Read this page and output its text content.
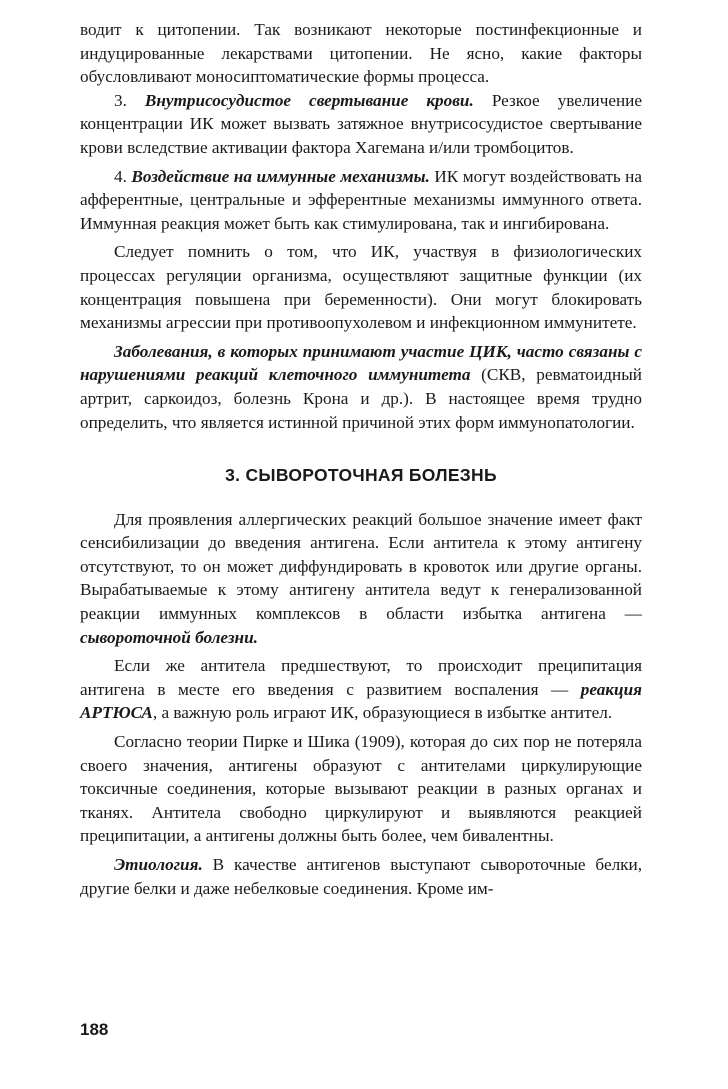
водит к цитопении. Так возникают некоторые постинфекционные и индуцированные лекарствами цитопении. Не ясно, какие факторы обусловливают моносиптоматические формы процесса.

3. Внутрисосудистое свертывание крови. Резкое увеличение концентрации ИК может вызвать затяжное внутрисосудистое свертывание крови вследствие активации фактора Хагемана и/или тромбоцитов.

4. Воздействие на иммунные механизмы. ИК могут воздействовать на афферентные, центральные и эфферентные механизмы иммунного ответа. Иммунная реакция может быть как стимулирована, так и ингибирована.

Следует помнить о том, что ИК, участвуя в физиологических процессах регуляции организма, осуществляют защитные функции (их концентрация повышена при беременности). Они могут блокировать механизмы агрессии при противоопухолевом и инфекционном иммунитете.

Заболевания, в которых принимают участие ЦИК, часто связаны с нарушениями реакций клеточного иммунитета (СКВ, ревматоидный артрит, саркоидоз, болезнь Крона и др.). В настоящее время трудно определить, что является истинной причиной этих форм иммунопатологии.

3. СЫВОРОТОЧНАЯ БОЛЕЗНЬ

Для проявления аллергических реакций большое значение имеет факт сенсибилизации до введения антигена. Если антитела к этому антигену отсутствуют, то он может диффундировать в кровоток или другие органы. Вырабатываемые к этому антигену антитела ведут к генерализованной реакции иммунных комплексов в области избытка антигена — сывороточной болезни.

Если же антитела предшествуют, то происходит преципитация антигена в месте его введения с развитием воспаления — реакция АРТЮСА, а важную роль играют ИК, образующиеся в избытке антител.

Согласно теории Пирке и Шика (1909), которая до сих пор не потеряла своего значения, антигены образуют с антителами циркулирующие токсичные соединения, которые вызывают реакции в разных органах и тканях. Антитела свободно циркулируют и выявляются реакцией преципитации, а антигены должны быть более, чем бивалентны.

Этиология. В качестве антигенов выступают сывороточные белки, другие белки и даже небелковые соединения. Кроме им-

188
